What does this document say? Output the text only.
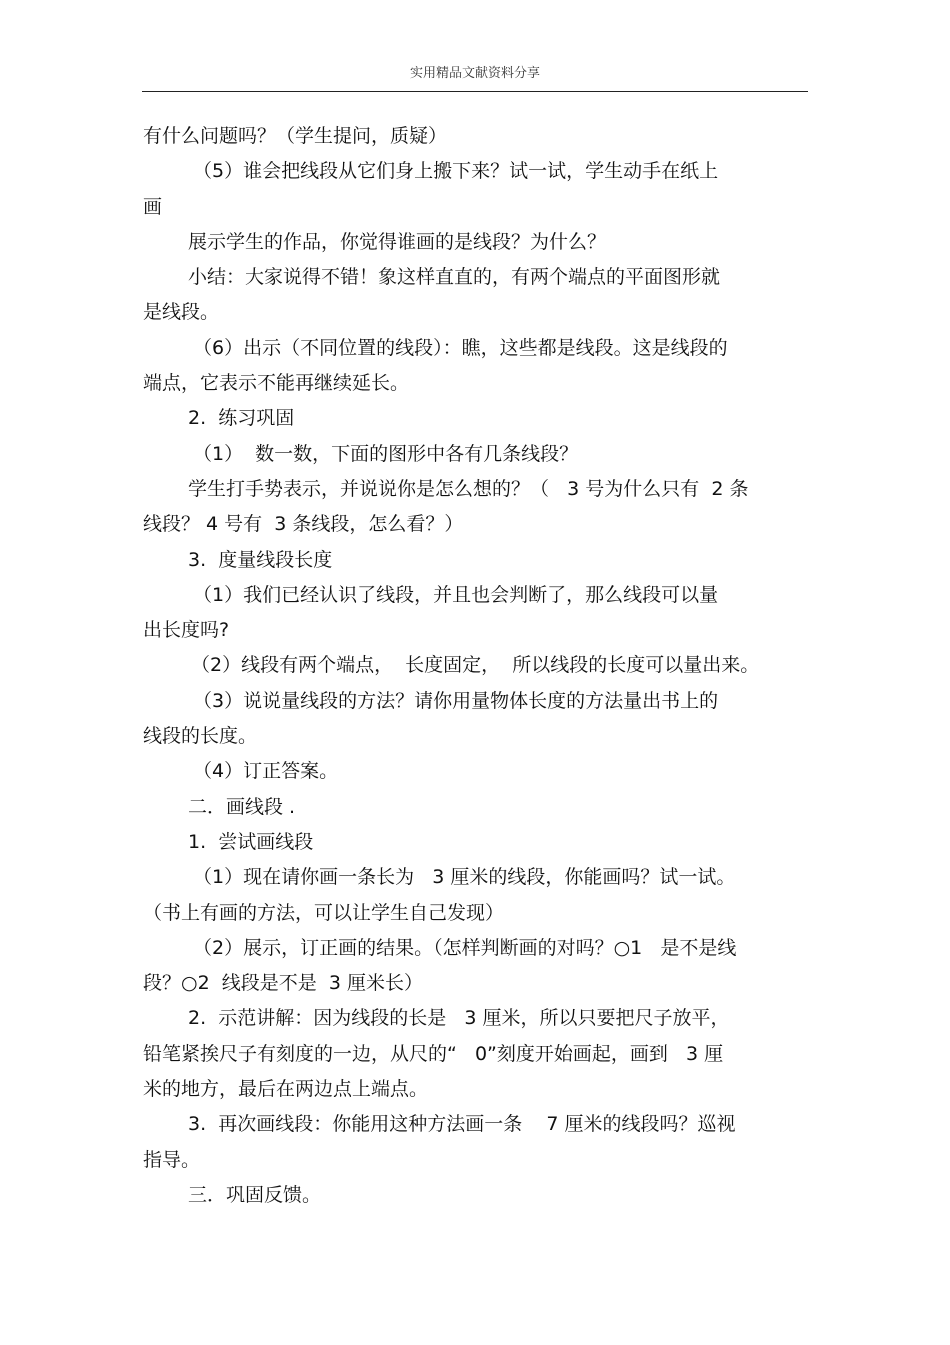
实用精品文献资料分享
有什么问题吗？（学生提问，质疑）
（5）谁会把线段从它们身上搬下来？试一试，学生动手在纸上
画
展示学生的作品，你觉得谁画的是线段？为什么？
小结：大家说得不错！象这样直直的，有两个端点的平面图形就
是线段。
（6）出示（不同位置的线段）：瞧，这些都是线段。这是线段的
端点，它表示不能再继续延长。
2.  练习巩固
（1）  数一数，下面的图形中各有几条线段？
学生打手势表示，并说说你是怎么想的？（   3 号为什么只有  2 条
线段？ 4 号有  3 条线段，怎么看？）
3.  度量线段长度
（1）我们已经认识了线段，并且也会判断了，那么线段可以量
出长度吗?
（2）线段有两个端点，  长度固定，  所以线段的长度可以量出来。
（3）说说量线段的方法？请你用量物体长度的方法量出书上的
线段的长度。
（4）订正答案。
二．画线段 .
1.  尝试画线段
（1）现在请你画一条长为   3 厘米的线段，你能画吗？试一试。
（书上有画的方法，可以让学生自己发现）
（2）展示，订正画的结果。（怎样判断画的对吗？○1   是不是线
段？○2  线段是不是  3 厘米长）
2.  示范讲解：因为线段的长是   3 厘米，所以只要把尺子放平，
铅笔紧挨尺子有刻度的一边，从尺的“   0”刻度开始画起，画到   3 厘
米的地方，最后在两边点上端点。
3.  再次画线段：你能用这种方法画一条    7 厘米的线段吗？巡视
指导。
三．巩固反馈。
